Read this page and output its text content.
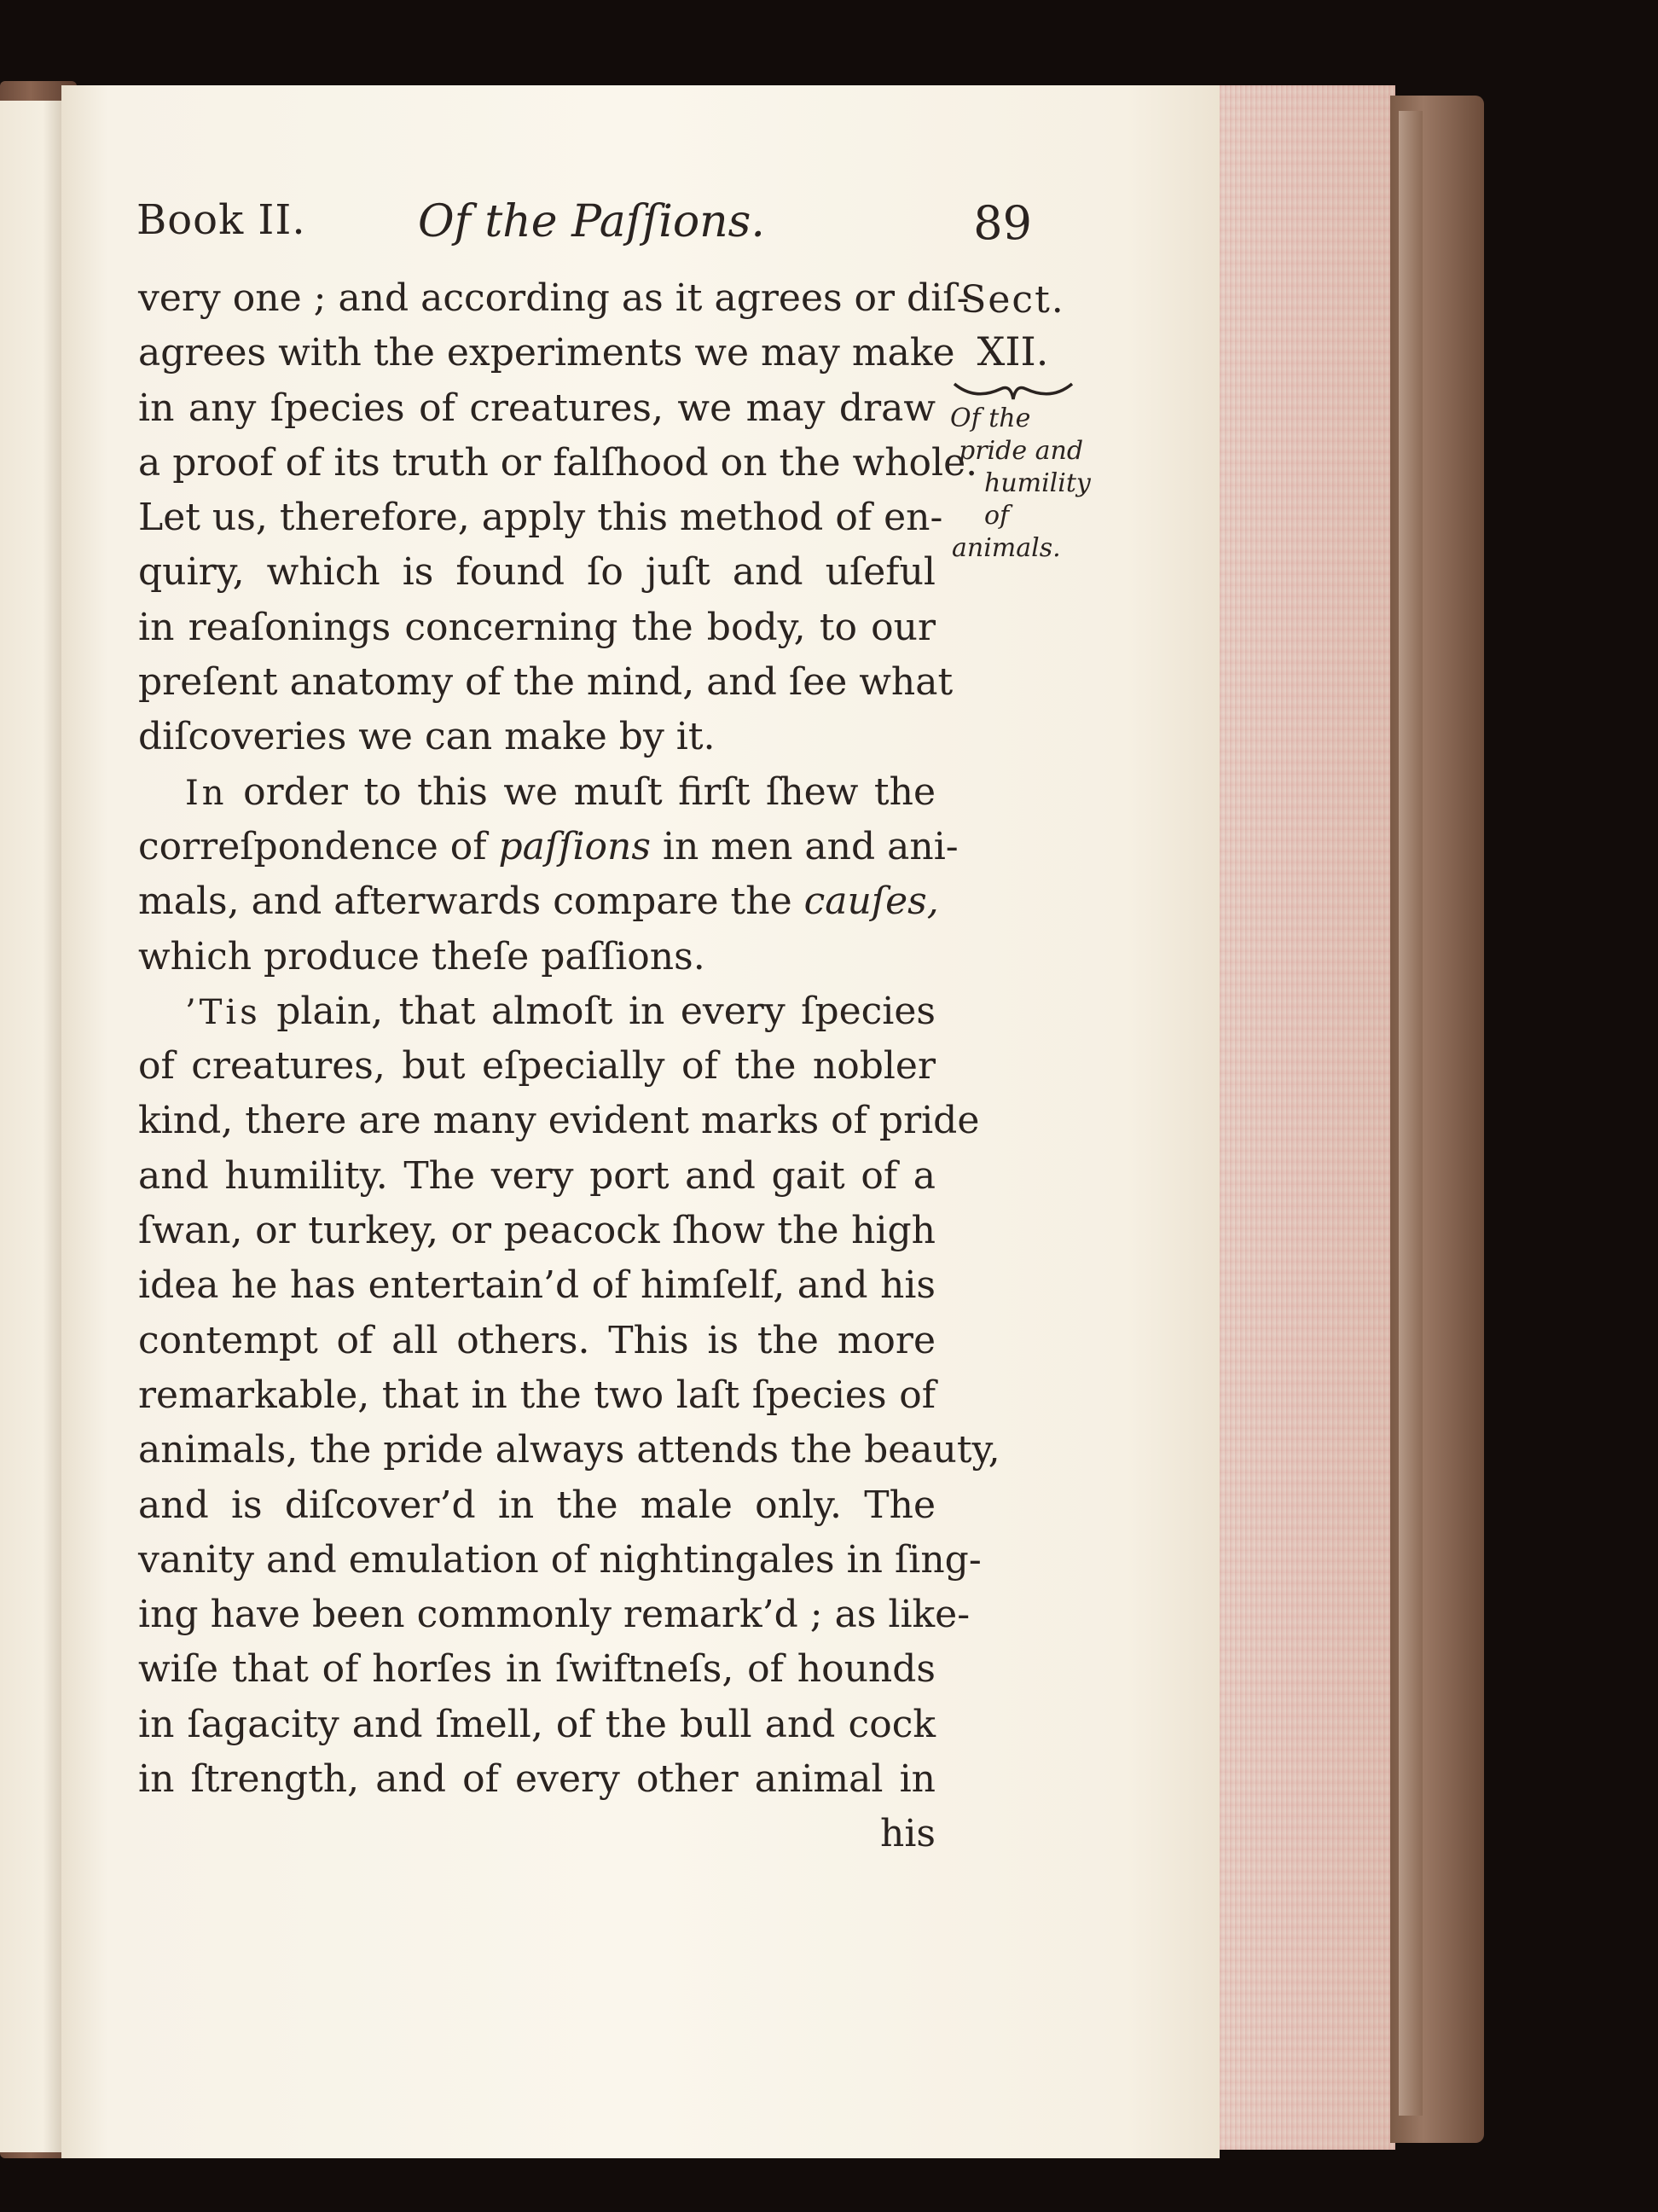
Book II.	Of the Paſſions.	89
Sect.
XII.
Of the
pride and
humility of
animals.
very one ; and according as it agrees or diſ-
agrees with the experiments we may make
in any ſpecies of creatures, we may draw
a proof of its truth or falſhood on the whole.
Let us, therefore, apply this method of en-
quiry, which is found ſo juſt and uſeful
in reaſonings concerning the body, to our
preſent anatomy of the mind, and ſee what
diſcoveries we can make by it.
In order to this we muſt firſt ſhew the
correſpondence of paſſions in men and ani-
mals, and afterwards compare the cauſes,
which produce theſe paſſions.
’Tis plain, that almoſt in every ſpecies
of creatures, but eſpecially of the nobler
kind, there are many evident marks of pride
and humility. The very port and gait of a
ſwan, or turkey, or peacock ſhow the high
idea he has entertain’d of himſelf, and his
contempt of all others. This is the more
remarkable, that in the two laſt ſpecies of
animals, the pride always attends the beauty,
and is diſcover’d in the male only. The
vanity and emulation of nightingales in ſing-
ing have been commonly remark’d ; as like-
wiſe that of horſes in ſwiftneſs, of hounds
in ſagacity and ſmell, of the bull and cock
in ſtrength, and of every other animal in
his
